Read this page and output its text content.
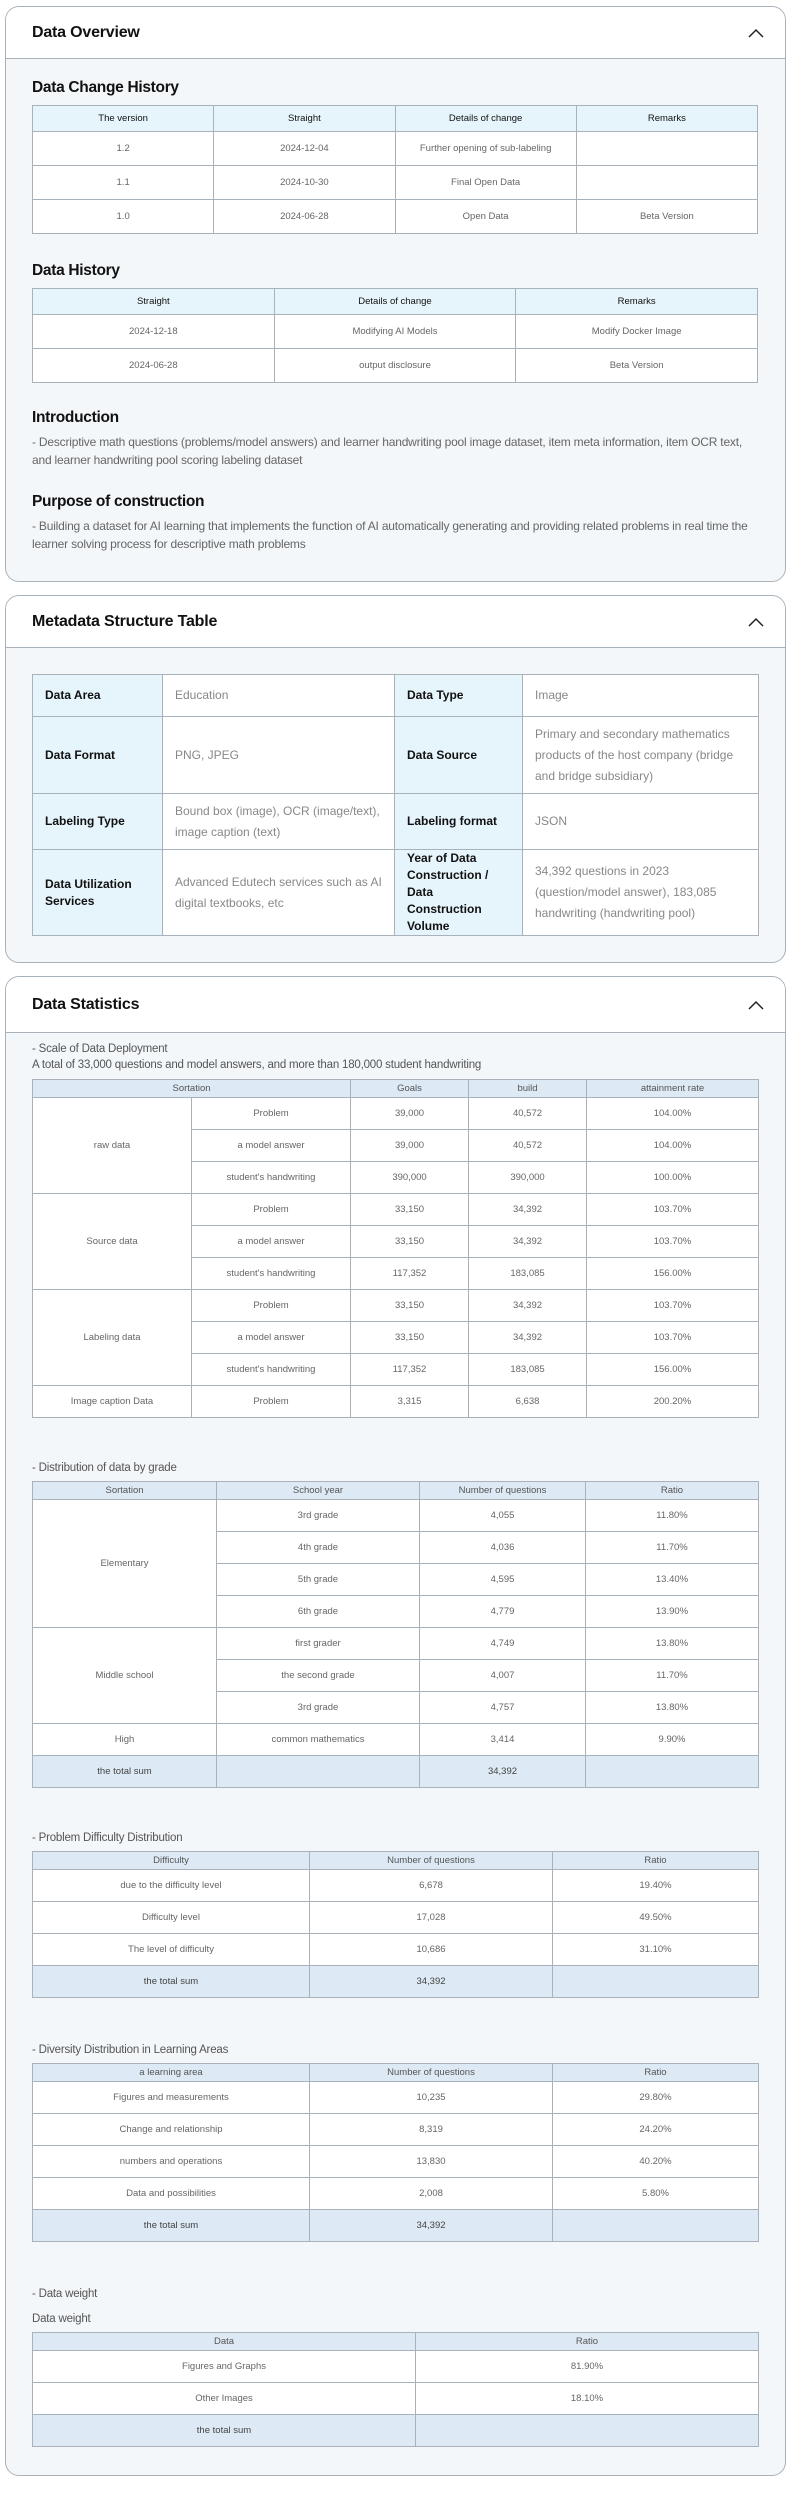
Data Overview
Data Change History
The version	Straight	Details of change	Remarks
1.2	2024-12-04	Further opening of sub-labeling	
1.1	2024-10-30	Final Open Data	
1.0	2024-06-28	Open Data	Beta Version
Data History
Straight	Details of change	Remarks
2024-12-18	Modifying AI Models	Modify Docker Image
2024-06-28	output disclosure	Beta Version
Introduction

- Descriptive math questions (problems/model answers) and learner handwriting pool image dataset, item meta information, item OCR text, and learner handwriting pool scoring labeling dataset

Purpose of construction

- Building a dataset for AI learning that implements the function of AI automatically generating and providing related problems in real time the learner solving process for descriptive math problems

Metadata Structure Table
Data Area	Education	Data Type	Image
Data Format	PNG, JPEG	Data Source	Primary and secondary mathematics products of the host company (bridge and bridge subsidiary)
Labeling Type	Bound box (image), OCR (image/text), image caption (text)	Labeling format	JSON
Data Utilization Services	Advanced Edutech services such as AI digital textbooks, etc	Year of Data Construction / Data Construction Volume	34,392 questions in 2023 (question/model answer), 183,085 handwriting (handwriting pool)
Data Statistics
- Scale of Data Deployment
A total of 33,000 questions and model answers, and more than 180,000 student handwriting
Sortation		Goals	build	attainment rate
raw data	Problem	39,000	40,572	104.00%
	a model answer	39,000	40,572	104.00%
	student's handwriting	390,000	390,000	100.00%
Source data	Problem	33,150	34,392	103.70%
	a model answer	33,150	34,392	103.70%
	student's handwriting	117,352	183,085	156.00%
Labeling data	Problem	33,150	34,392	103.70%
	a model answer	33,150	34,392	103.70%
	student's handwriting	117,352	183,085	156.00%
Image caption Data	Problem	3,315	6,638	200.20%
- Distribution of data by grade
Sortation	School year	Number of questions	Ratio
Elementary	3rd grade	4,055	11.80%
	4th grade	4,036	11.70%
	5th grade	4,595	13.40%
	6th grade	4,779	13.90%
Middle school	first grader	4,749	13.80%
	the second grade	4,007	11.70%
	3rd grade	4,757	13.80%
High	common mathematics	3,414	9.90%
the total sum		34,392	
- Problem Difficulty Distribution
Difficulty	Number of questions	Ratio
due to the difficulty level	6,678	19.40%
Difficulty level	17,028	49.50%
The level of difficulty	10,686	31.10%
the total sum	34,392	
- Diversity Distribution in Learning Areas
a learning area	Number of questions	Ratio
Figures and measurements	10,235	29.80%
Change and relationship	8,319	24.20%
numbers and operations	13,830	40.20%
Data and possibilities	2,008	5.80%
the total sum	34,392	
- Data weight
Data weight
Data	Ratio
Figures and Graphs	81.90%
Other Images	18.10%
the total sum	
